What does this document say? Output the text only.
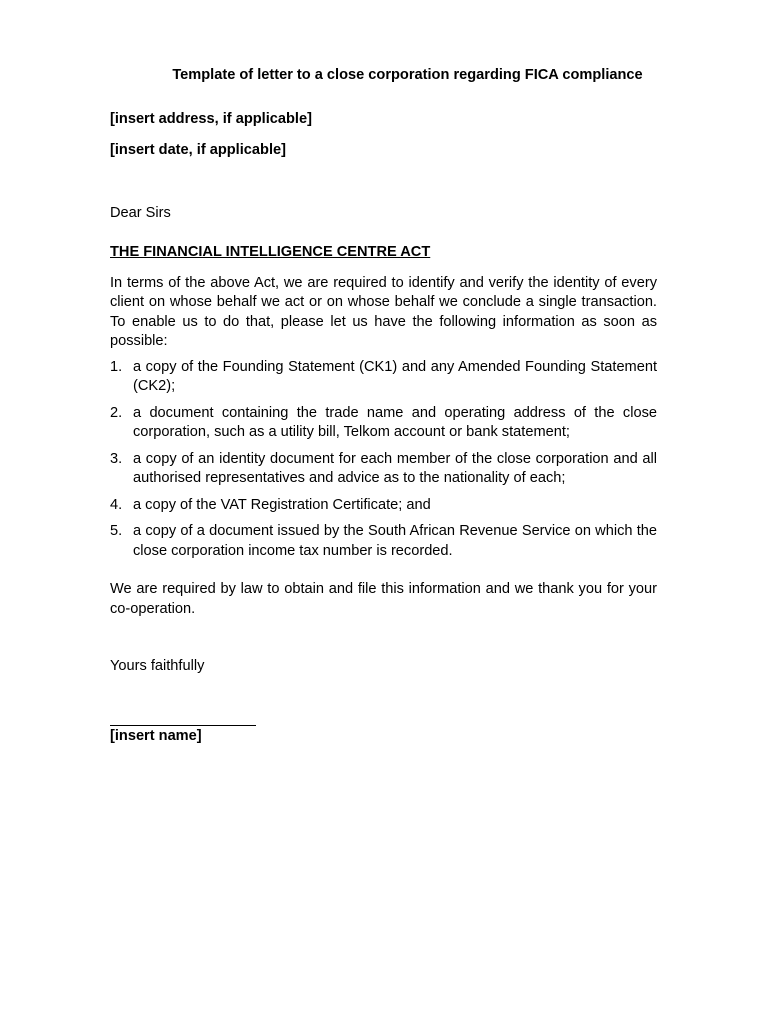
Template of letter to a close corporation regarding FICA compliance
[insert address, if applicable]
[insert date, if applicable]
Dear Sirs
THE FINANCIAL INTELLIGENCE CENTRE ACT
In terms of the above Act, we are required to identify and verify the identity of every client on whose behalf we act or on whose behalf we conclude a single transaction. To enable us to do that, please let us have the following information as soon as possible:
1. a copy of the Founding Statement (CK1) and any Amended Founding Statement (CK2);
2. a document containing the trade name and operating address of the close corporation, such as a utility bill, Telkom account or bank statement;
3. a copy of an identity document for each member of the close corporation and all authorised representatives and advice as to the nationality of each;
4. a copy of the VAT Registration Certificate; and
5. a copy of a document issued by the South African Revenue Service on which the close corporation income tax number is recorded.
We are required by law to obtain and file this information and we thank you for your co-operation.
Yours faithfully
[insert name]
